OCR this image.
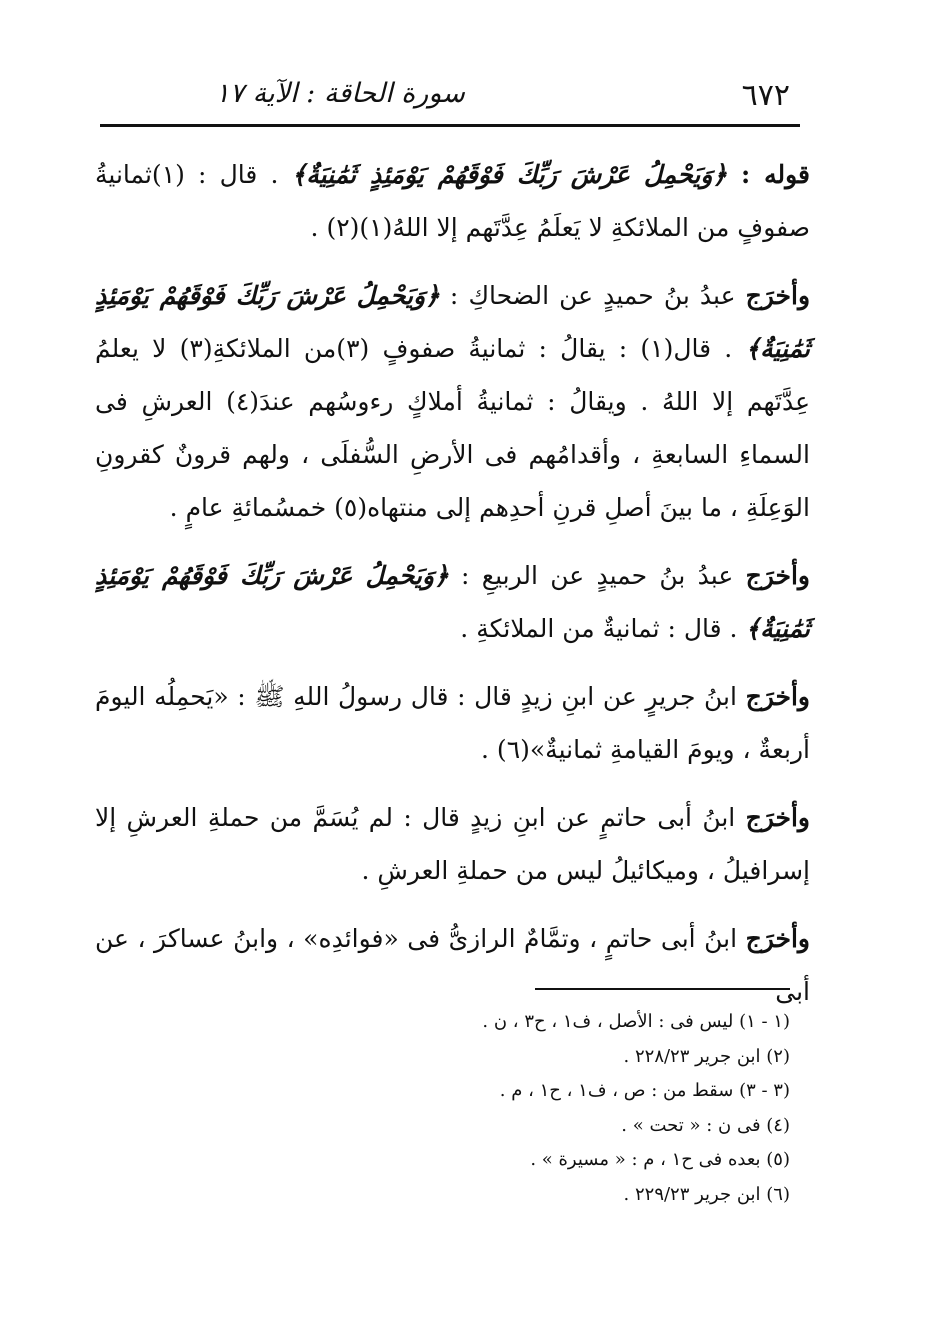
٦٧٢
سورة الحاقة : الآية ١٧

قوله : ﴿وَيَحْمِلُ عَرْشَ رَبِّكَ فَوْقَهُمْ يَوْمَئِذٍ ثَمَٰنِيَةٌ﴾ . قال : (١)ثمانيةُ صفوفٍ من الملائكةِ لا يَعلَمُ عِدَّتَهم إلا اللهُ(١)(٢) .

وأخرَج عبدُ بنُ حميدٍ عن الضحاكِ : ﴿وَيَحْمِلُ عَرْشَ رَبِّكَ فَوْقَهُمْ يَوْمَئِذٍ ثَمَٰنِيَةٌ﴾ . قال(١) : يقالُ : ثمانيةُ صفوفٍ (٣)من الملائكةِ(٣) لا يعلمُ عِدَّتَهم إلا اللهُ . ويقالُ : ثمانيةُ أملاكٍ رءوسُهم عندَ(٤) العرشِ فى السماءِ السابعةِ ، وأقدامُهم فى الأرضِ السُّفلَى ، ولهم قرونٌ كقرونِ الوَعِلَةِ ، ما بينَ أصلِ قرنِ أحدِهم إلى منتهاه(٥) خمسُمائةِ عامٍ .

وأخرَج عبدُ بنُ حميدٍ عن الربيعِ : ﴿وَيَحْمِلُ عَرْشَ رَبِّكَ فَوْقَهُمْ يَوْمَئِذٍ ثَمَٰنِيَةٌ﴾ . قال : ثمانيةٌ من الملائكةِ .

وأخرَج ابنُ جريرٍ عن ابنِ زيدٍ قال : قال رسولُ اللهِ ﷺ : «يَحمِلُه اليومَ أربعةٌ ، ويومَ القيامةِ ثمانيةٌ»(٦) .

وأخرَج ابنُ أبى حاتمٍ عن ابنِ زيدٍ قال : لم يُسَمَّ من حملةِ العرشِ إلا إسرافيلُ ، وميكائيلُ ليس من حملةِ العرشِ .

وأخرَج ابنُ أبى حاتمٍ ، وتمَّامٌ الرازىُّ فى «فوائدِه» ، وابنُ عساكرَ ، عن أبى

(١ - ١) ليس فى : الأصل ، ف١ ، ح٣ ، ن .

(٢) ابن جرير ٢٢٨/٢٣ .

(٣ - ٣) سقط من : ص ، ف١ ، ح١ ، م .

(٤) فى ن : « تحت » .

(٥) بعده فى ح١ ، م : « مسيرة » .

(٦) ابن جرير ٢٢٩/٢٣ .
